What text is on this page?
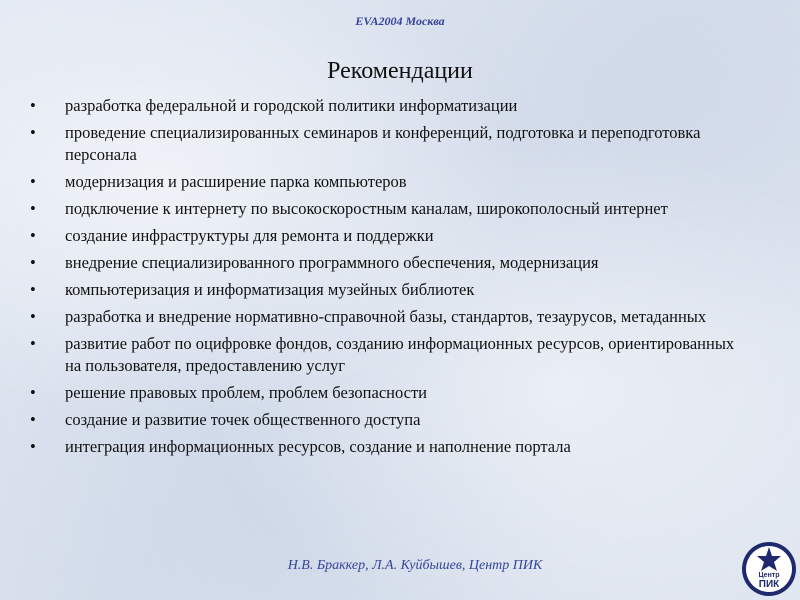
EVA2004 Москва
Рекомендации
•	разработка федеральной и городской политики информатизации
•	проведение специализированных семинаров и конференций, подготовка и переподготовка персонала
•	модернизация и расширение парка компьютеров
•	подключение к интернету по высокоскоростным каналам, широкополосный интернет
•	создание инфраструктуры для ремонта и поддержки
•	внедрение специализированного программного обеспечения, модернизация
•	компьютеризация и информатизация музейных библиотек
•	разработка и внедрение нормативно-справочной базы, стандартов, тезаурусов, метаданных
•	развитие работ по оцифровке фондов, созданию информационных ресурсов, ориентированных на пользователя, предоставлению услуг
•	решение правовых проблем, проблем безопасности
•	создание и развитие точек общественного доступа
•	интеграция информационных ресурсов, создание и наполнение портала
Н.В. Браккер, Л.А. Куйбышев, Центр ПИК
Центр
ПИК
